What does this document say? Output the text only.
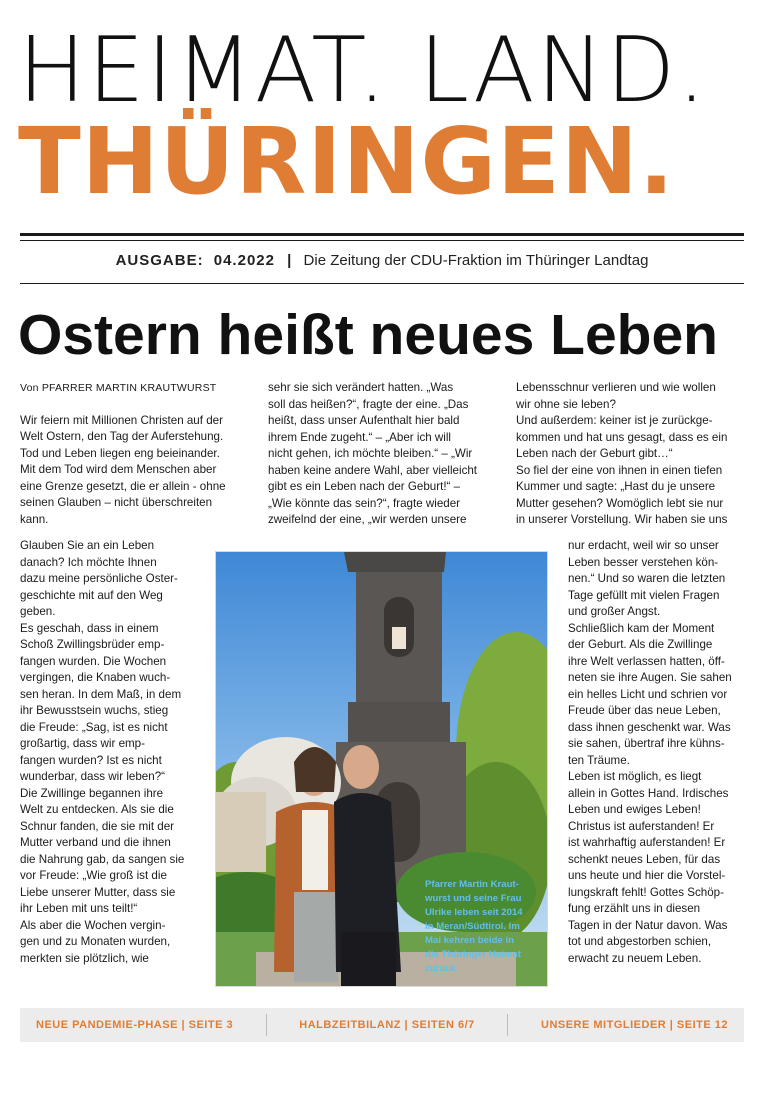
HEIMAT. LAND.
THÜRINGEN.
AUSGABE: 04.2022 | Die Zeitung der CDU-Fraktion im Thüringer Landtag
Ostern heißt neues Leben

Von PFARRER MARTIN KRAUTWURST

Wir feiern mit Millionen Christen auf der

Welt Ostern, den Tag der Auferstehung.

Tod und Leben liegen eng beieinander.

Mit dem Tod wird dem Menschen aber

eine Grenze gesetzt, die er allein - ohne

seinen Glauben – nicht überschreiten

kann.

Glauben Sie an ein Leben

danach? Ich möchte Ihnen

dazu meine persönliche Oster-

geschichte mit auf den Weg

geben.

Es geschah, dass in einem

Schoß Zwillingsbrüder emp-

fangen wurden. Die Wochen

vergingen, die Knaben wuch-

sen heran. In dem Maß, in dem

ihr Bewusstsein wuchs, stieg

die Freude: „Sag, ist es nicht

großartig, dass wir emp-

fangen wurden? Ist es nicht

wunderbar, dass wir leben?“

Die Zwillinge begannen ihre

Welt zu entdecken. Als sie die

Schnur fanden, die sie mit der

Mutter verband und die ihnen

die Nahrung gab, da sangen sie

vor Freude: „Wie groß ist die

Liebe unserer Mutter, dass sie

ihr Leben mit uns teilt!“

Als aber die Wochen vergin-

gen und zu Monaten wurden,

merkten sie plötzlich, wie

sehr sie sich verändert hatten. „Was

soll das heißen?“, fragte der eine. „Das

heißt, dass unser Aufenthalt hier bald

ihrem Ende zugeht.“ – „Aber ich will

nicht gehen, ich möchte bleiben.“ – „Wir

haben keine andere Wahl, aber vielleicht

gibt es ein Leben nach der Geburt!“ –

„Wie könnte das sein?“, fragte wieder

zweifelnd der eine, „wir werden unsere

Lebensschnur verlieren und wie wollen

wir ohne sie leben?

Und außerdem: keiner ist je zurückge-

kommen und hat uns gesagt, dass es ein

Leben nach der Geburt gibt…“

So fiel der eine von ihnen in einen tiefen

Kummer und sagte: „Hast du je unsere

Mutter gesehen? Womöglich lebt sie nur

in unserer Vorstellung. Wir haben sie uns

nur erdacht, weil wir so unser

Leben besser verstehen kön-

nen.“ Und so waren die letzten

Tage gefüllt mit vielen Fragen

und großer Angst.

Schließlich kam der Moment

der Geburt. Als die Zwillinge

ihre Welt verlassen hatten, öff-

neten sie ihre Augen. Sie sahen

ein helles Licht und schrien vor

Freude über das neue Leben,

dass ihnen geschenkt war. Was

sie sahen, übertraf ihre kühns-

ten Träume.

Leben ist möglich, es liegt

allein in Gottes Hand. Irdisches

Leben und ewiges Leben!

Christus ist auferstanden! Er

ist wahrhaftig auferstanden! Er

schenkt neues Leben, für das

uns heute und hier die Vorstel-

lungskraft fehlt! Gottes Schöp-

fung erzählt uns in diesen

Tagen in der Natur davon. Was

tot und abgestorben schien,

erwacht zu neuem Leben.

Pfarrer Martin Kraut-

wurst und seine Frau

Ulrike leben seit 2014

in Meran/Südtirol. Im

Mai kehren beide in

die Thüringer Heimat

zurück.

NEUE PANDEMIE-PHASE | SEITE 3	HALBZEITBILANZ | SEITEN 6/7	UNSERE MITGLIEDER | SEITE 12
